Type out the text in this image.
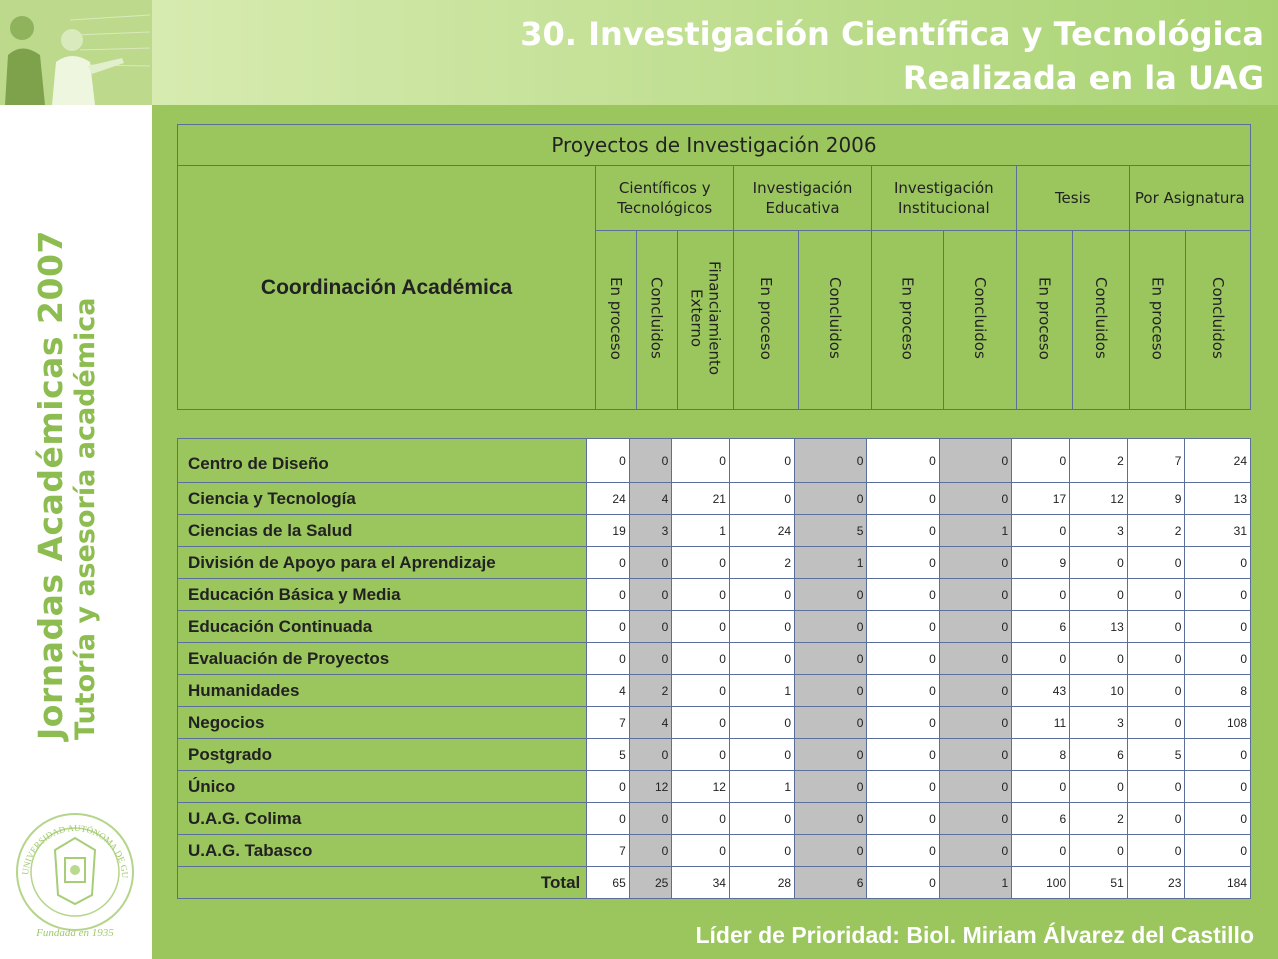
Jornadas Académicas 2007 Tutoría y asesoría académica
UNIVERSIDAD AUTÓNOMA DE GU
Fundada en 1935
30. Investigación Científica y Tecnológica
Realizada en la UAG
Proyectos de Investigación 2006											
Coordinación Académica	Científicos y Tecnológicos			Investigación Educativa		Investigación Institucional		Tesis		Por Asignatura	
	En proceso	Concluidos	Financiamiento Externo	En proceso	Concluidos	En proceso	Concluidos	En proceso	Concluidos	En proceso	Concluidos
Centro de Diseño	0	0	0	0	0	0	0	0	2	7	24
Ciencia y Tecnología	24	4	21	0	0	0	0	17	12	9	13
Ciencias de la Salud	19	3	1	24	5	0	1	0	3	2	31
División de Apoyo para el Aprendizaje	0	0	0	2	1	0	0	9	0	0	0
Educación Básica y Media	0	0	0	0	0	0	0	0	0	0	0
Educación Continuada	0	0	0	0	0	0	0	6	13	0	0
Evaluación de Proyectos	0	0	0	0	0	0	0	0	0	0	0
Humanidades	4	2	0	1	0	0	0	43	10	0	8
Negocios	7	4	0	0	0	0	0	11	3	0	108
Postgrado	5	0	0	0	0	0	0	8	6	5	0
Único	0	12	12	1	0	0	0	0	0	0	0
U.A.G. Colima	0	0	0	0	0	0	0	6	2	0	0
U.A.G. Tabasco	7	0	0	0	0	0	0	0	0	0	0
Total	65	25	34	28	6	0	1	100	51	23	184
Líder de Prioridad: Biol. Miriam Álvarez del Castillo
